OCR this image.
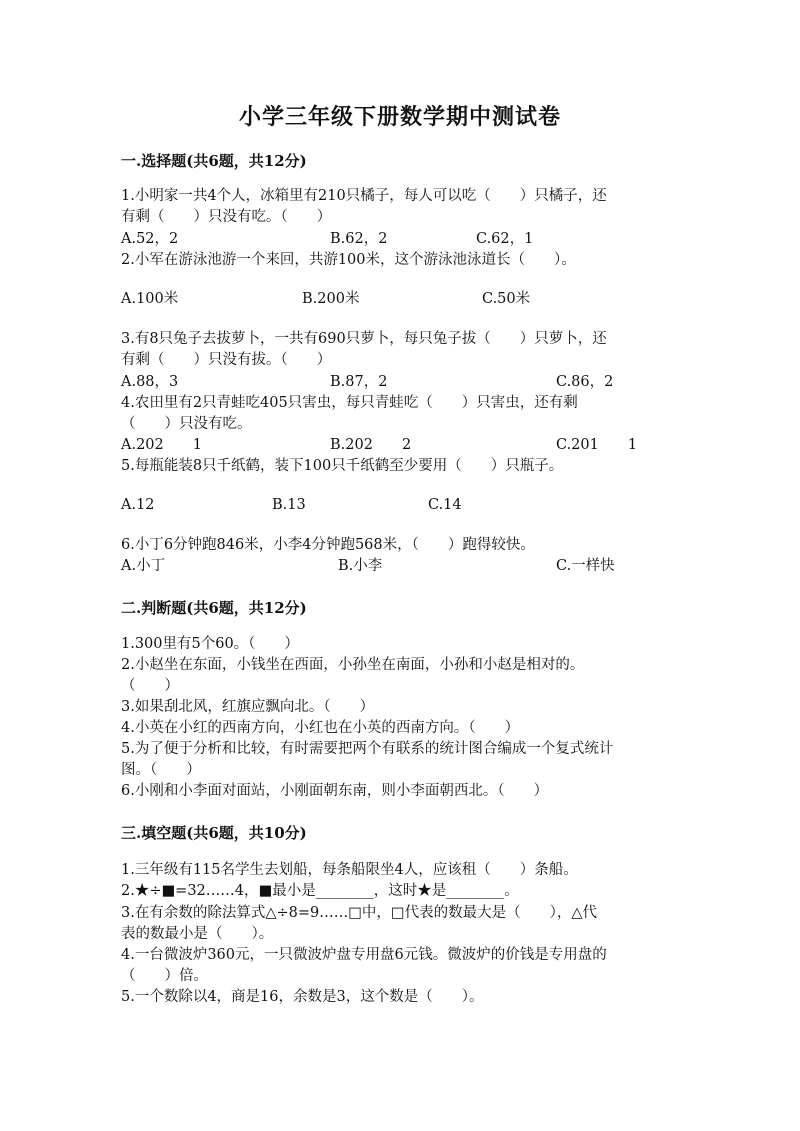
小学三年级下册数学期中测试卷
一.选择题(共6题，共12分)
1.小明家一共4个人，冰箱里有210只橘子，每人可以吃（　　）只橘子，还
有剩（　　）只没有吃。（　　）
A.52，2	B.62，2	C.62，1
2.小军在游泳池游一个来回，共游100米，这个游泳池泳道长（　　）。
A.100米	B.200米	C.50米
3.有8只兔子去拔萝卜，一共有690只萝卜，每只兔子拔（　　）只萝卜，还
有剩（　　）只没有拔。（　　）
A.88，3	B.87，2	C.86，2
4.农田里有2只青蛙吃405只害虫，每只青蛙吃（　　）只害虫，还有剩
（　　）只没有吃。
A.202　　1	B.202　　2	C.201　　1
5.每瓶能装8只千纸鹤，装下100只千纸鹤至少要用（　　）只瓶子。
A.12	B.13	C.14
6.小丁6分钟跑846米，小李4分钟跑568米，（　　）跑得较快。
A.小丁	B.小李	C.一样快
二.判断题(共6题，共12分)
1.300里有5个60。（　　）
2.小赵坐在东面，小钱坐在西面，小孙坐在南面，小孙和小赵是相对的。
（　　）
3.如果刮北风，红旗应飘向北。（　　）
4.小英在小红的西南方向，小红也在小英的西南方向。（　　）
5.为了便于分析和比较，有时需要把两个有联系的统计图合编成一个复式统计
图。（　　）
6.小刚和小李面对面站，小刚面朝东南，则小李面朝西北。（　　）
三.填空题(共6题，共10分)
1.三年级有115名学生去划船，每条船限坐4人，应该租（　　）条船。
2.★÷■=32……4，■最小是________，这时★是________。
3.在有余数的除法算式△÷8=9……□中，□代表的数最大是（　　），△代
表的数最小是（　　）。
4.一台微波炉360元，一只微波炉盘专用盘6元钱。微波炉的价钱是专用盘的
（　　）倍。
5.一个数除以4，商是16，余数是3，这个数是（　　）。
